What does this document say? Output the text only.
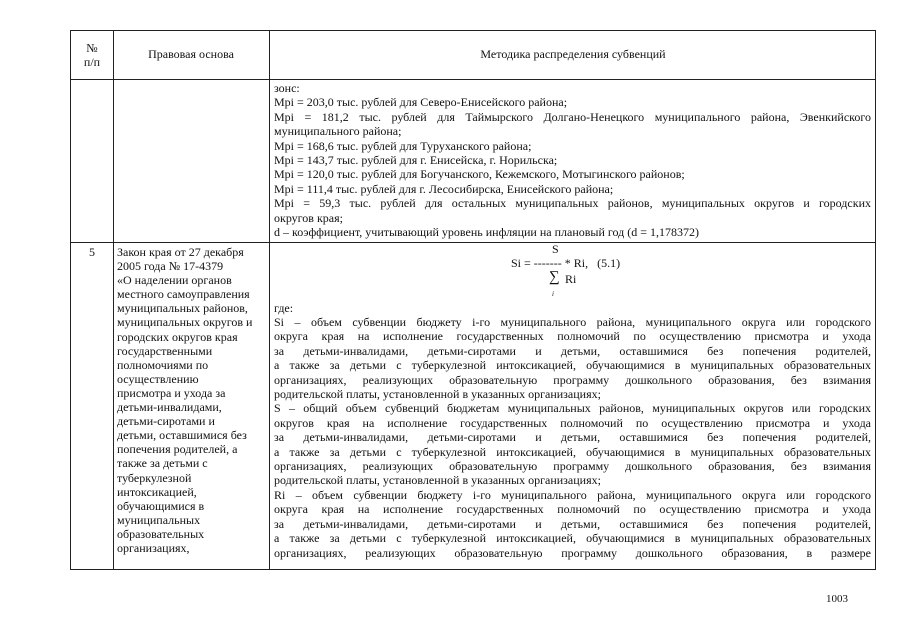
№
п/п
Правовая основа	Методика распределения субвенций
зонс:
Mpi = 203,0 тыс. рублей для Северо-Енисейского района;
Mpi = 181,2 тыс. рублей для Таймырского Долгано-Ненецкого муниципального района, Эвенкийского
муниципального района;
Mpi = 168,6 тыс. рублей для Туруханского района;
Mpi = 143,7 тыс. рублей для г. Енисейска, г. Норильска;
Mpi = 120,0 тыс. рублей для Богучанского, Кежемского, Мотыгинского районов;
Mpi = 111,4 тыс. рублей для г. Лесосибирска, Енисейского района;
Mpi = 59,3 тыс. рублей для остальных муниципальных районов, муниципальных округов и городских
округов края;
d – коэффициент, учитывающий уровень инфляции на плановый год (d = 1,178372)
5	Закон края от 27 декабря
2005 года № 17-4379
«О наделении органов
местного самоуправления
муниципальных районов,
муниципальных округов и
городских округов края
государственными
полномочиями по
осуществлению
присмотра и ухода за
детьми-инвалидами,
детьми-сиротами и
детьми, оставшимися без
попечения родителей, а
также за детьми с
туберкулезной
интоксикацией,
обучающимися в
муниципальных
образовательных
организациях,
S
Si = ------- * Ri,   (5.1)
∑ Ri
i
где:
Si – объем субвенции бюджету i-го муниципального района, муниципального округа или городского
округа края на исполнение государственных полномочий по осуществлению присмотра и ухода
за детьми-инвалидами, детьми-сиротами и детьми, оставшимися без попечения родителей,
а также за детьми с туберкулезной интоксикацией, обучающимися в муниципальных образовательных
организациях, реализующих образовательную программу дошкольного образования, без взимания
родительской платы, установленной в указанных организациях;
S – общий объем субвенций бюджетам муниципальных районов, муниципальных округов или городских
округов края на исполнение государственных полномочий по осуществлению присмотра и ухода
за детьми-инвалидами, детьми-сиротами и детьми, оставшимися без попечения родителей,
а также за детьми с туберкулезной интоксикацией, обучающимися в муниципальных образовательных
организациях, реализующих образовательную программу дошкольного образования, без взимания
родительской платы, установленной в указанных организациях;
Ri – объем субвенции бюджету i-го муниципального района, муниципального округа или городского
округа края на исполнение государственных полномочий по осуществлению присмотра и ухода
за детьми-инвалидами, детьми-сиротами и детьми, оставшимися без попечения родителей,
а также за детьми с туберкулезной интоксикацией, обучающимися в муниципальных образовательных
организациях, реализующих образовательную программу дошкольного образования, в размере
1003
